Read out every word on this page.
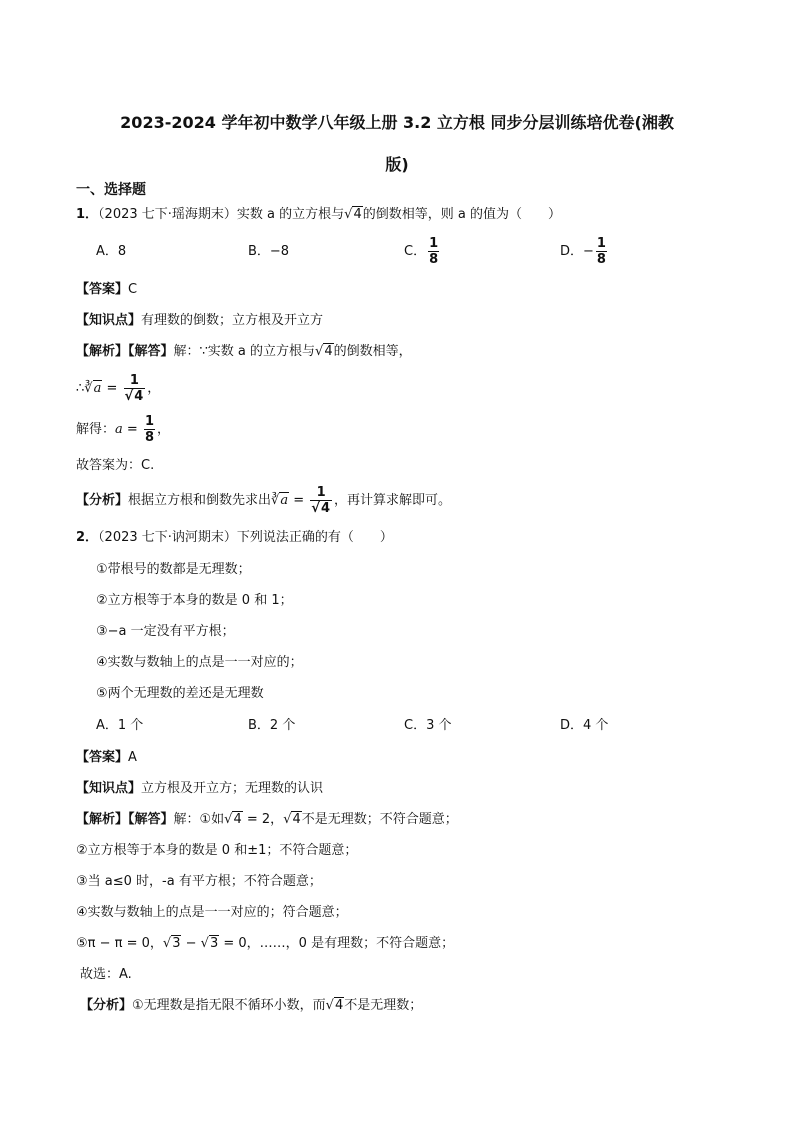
2023-2024 学年初中数学八年级上册 3.2 立方根 同步分层训练培优卷(湘教
版)
一、选择题
1．（2023 七下·瑶海期末）实数 a 的立方根与√4的倒数相等，则 a 的值为（　　）
A．8	B．−8	C． $\frac{1}{8}$	D．− $\frac{1}{8}$
【答案】C
【知识点】有理数的倒数；立方根及开立方
【解析】【解答】解：∵实数 a 的立方根与√4的倒数相等，
∴∛a = $\frac{1}{√4}$ ，
解得：$a = \frac{1}{8}$ ，
故答案为：C.
【分析】根据立方根和倒数先求出∛a = $\frac{1}{√4}$ ，再计算求解即可。
2．（2023 七下·讷河期末）下列说法正确的有（　　）
①带根号的数都是无理数；
②立方根等于本身的数是 0 和 1；
③−a 一定没有平方根；
④实数与数轴上的点是一一对应的；
⑤两个无理数的差还是无理数
A．1 个	B．2 个	C．3 个	D．4 个
【答案】A
【知识点】立方根及开立方；无理数的认识
【解析】【解答】解：①如√4 = 2，√4不是无理数；不符合题意；
②立方根等于本身的数是 0 和±1；不符合题意；
③当 a≤0 时，-a 有平方根；不符合题意；
④实数与数轴上的点是一一对应的；符合题意；
⑤π − π = 0，√3 − √3 = 0，……，0 是有理数；不符合题意；
故选：A.
【分析】①无理数是指无限不循环小数，而√4不是无理数；
